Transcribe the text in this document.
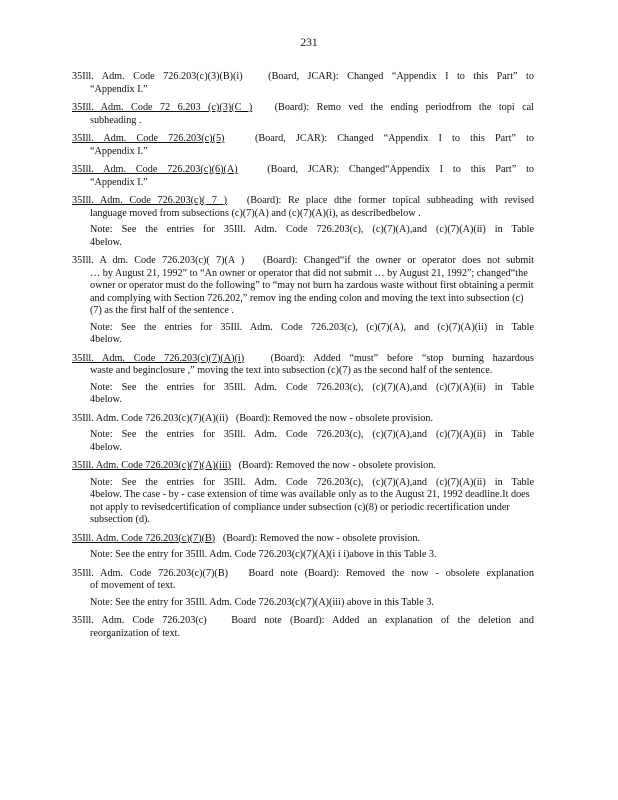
231
35Ill. Adm. Code 726.203(c)(3)(B)(i)	(Board, JCAR): Changed “Appendix I to this Part” to
“Appendix I.”
35Ill. Adm. Code 72 6.203 (c)(3)(C ) (Board): Remo ved the ending periodfrom the topi cal
subheading .
35Ill. Adm. Code 726.203(c)(5)	(Board, JCAR): Changed “Appendix I to this Part” to
“Appendix I.”
35Ill. Adm. Code 726.203(c)(6)(A)	(Board, JCAR): Changed“Appendix I to this Part” to
“Appendix I.”
35Ill. Adm. Code 726.203(c)( 7 ) (Board): Re place dthe former topical subheading with revised
language moved from subsections (c)(7)(A) and (c)(7)(A)(i), as describedbelow .
Note: See the entries for 35Ill. Adm. Code 726.203(c), (c)(7)(A),and (c)(7)(A)(ii) in Table
4below.
35Ill. A dm. Code 726.203(c)( 7)(A ) (Board): Changed“if the owner or operator does not submit
… by August 21, 1992” to “An owner or operator that did not submit … by August 21, 1992”; changed“the owner or operator must do the following” to “may not burn ha zardous waste without first obtaining a permit and complying with Section 726.202,” remov ing the ending colon and moving the text into subsection (c)(7) as the first half of the sentence .
Note: See the entries for 35Ill. Adm. Code 726.203(c), (c)(7)(A), and (c)(7)(A)(ii) in Table
4below.
35Ill. Adm. Code 726.203(c)(7)(A)(i)	(Board): Added “must” before “stop burning hazardous
waste and beginclosure ,” moving the text into subsection (c)(7) as the second half of the sentence.
Note: See the entries for 35Ill. Adm. Code 726.203(c), (c)(7)(A),and (c)(7)(A)(ii) in Table
4below.
35Ill. Adm. Code 726.203(c)(7)(A)(ii) (Board): Removed the now - obsolete provision.
Note: See the entries for 35Ill. Adm. Code 726.203(c), (c)(7)(A),and (c)(7)(A)(ii) in Table
4below.
35Ill. Adm. Code 726.203(c)(7)(A)(iii) (Board): Removed the now - obsolete provision.
Note: See the entries for 35Ill. Adm. Code 726.203(c), (c)(7)(A),and (c)(7)(A)(ii) in Table
4below. The case - by - case extension of time was available only as to the August 21, 1992 deadline.It does not apply to revisedcertification of compliance under subsection (c)(8) or periodic recertification under subsection (d).
35Ill. Adm. Code 726.203(c)(7)(B) (Board): Removed the now - obsolete provision.
Note: See the entry for 35Ill. Adm. Code 726.203(c)(7)(A)(i i i)above in this Table 3.
35Ill. Adm. Code 726.203(c)(7)(B) Board note (Board): Removed the now - obsolete explanation
of movement of text.
Note: See the entry for 35Ill. Adm. Code 726.203(c)(7)(A)(iii) above in this Table 3.
35Ill. Adm. Code 726.203(c) Board note (Board): Added an explanation of the deletion and
reorganization of text.
